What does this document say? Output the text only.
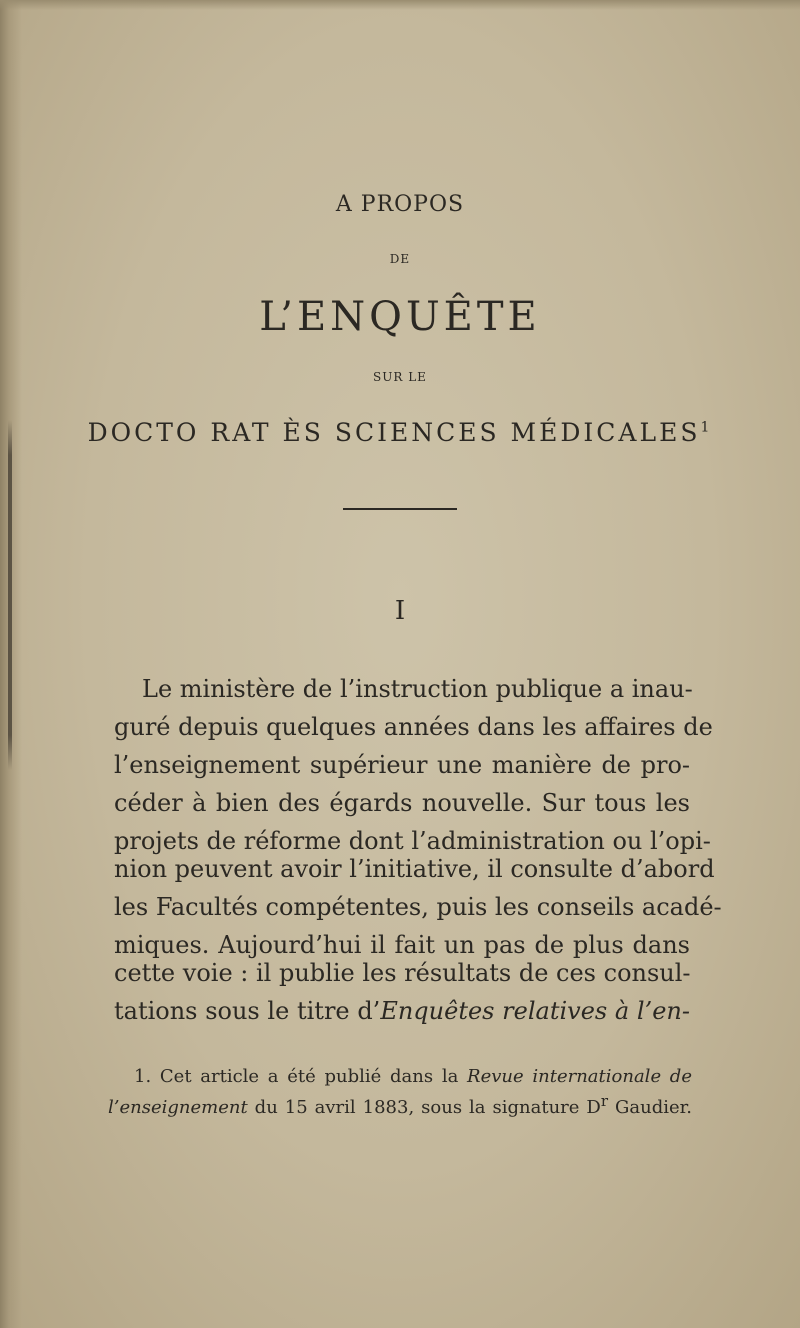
A PROPOS
DE
L’ENQUÊTE
SUR LE
DOCTO RAT ÈS SCIENCES MÉDICALES$^1$
I
Le ministère de l’instruction publique a inau-
guré depuis quelques années dans les affaires de
l’enseignement supérieur une manière de pro-
céder à bien des égards nouvelle. Sur tous les
projets de réforme dont l’administration ou l’opi-
nion peuvent avoir l’initiative, il consulte d’abord
les Facultés compétentes, puis les conseils acadé-
miques. Aujourd’hui il fait un pas de plus dans
cette voie : il publie les résultats de ces consul-
tations sous le titre d’Enquêtes relatives à l’en-
1. Cet article a été publié dans la Revue internationale de
l’enseignement du 15 avril 1883, sous la signature $D^r$ Gaudier.
